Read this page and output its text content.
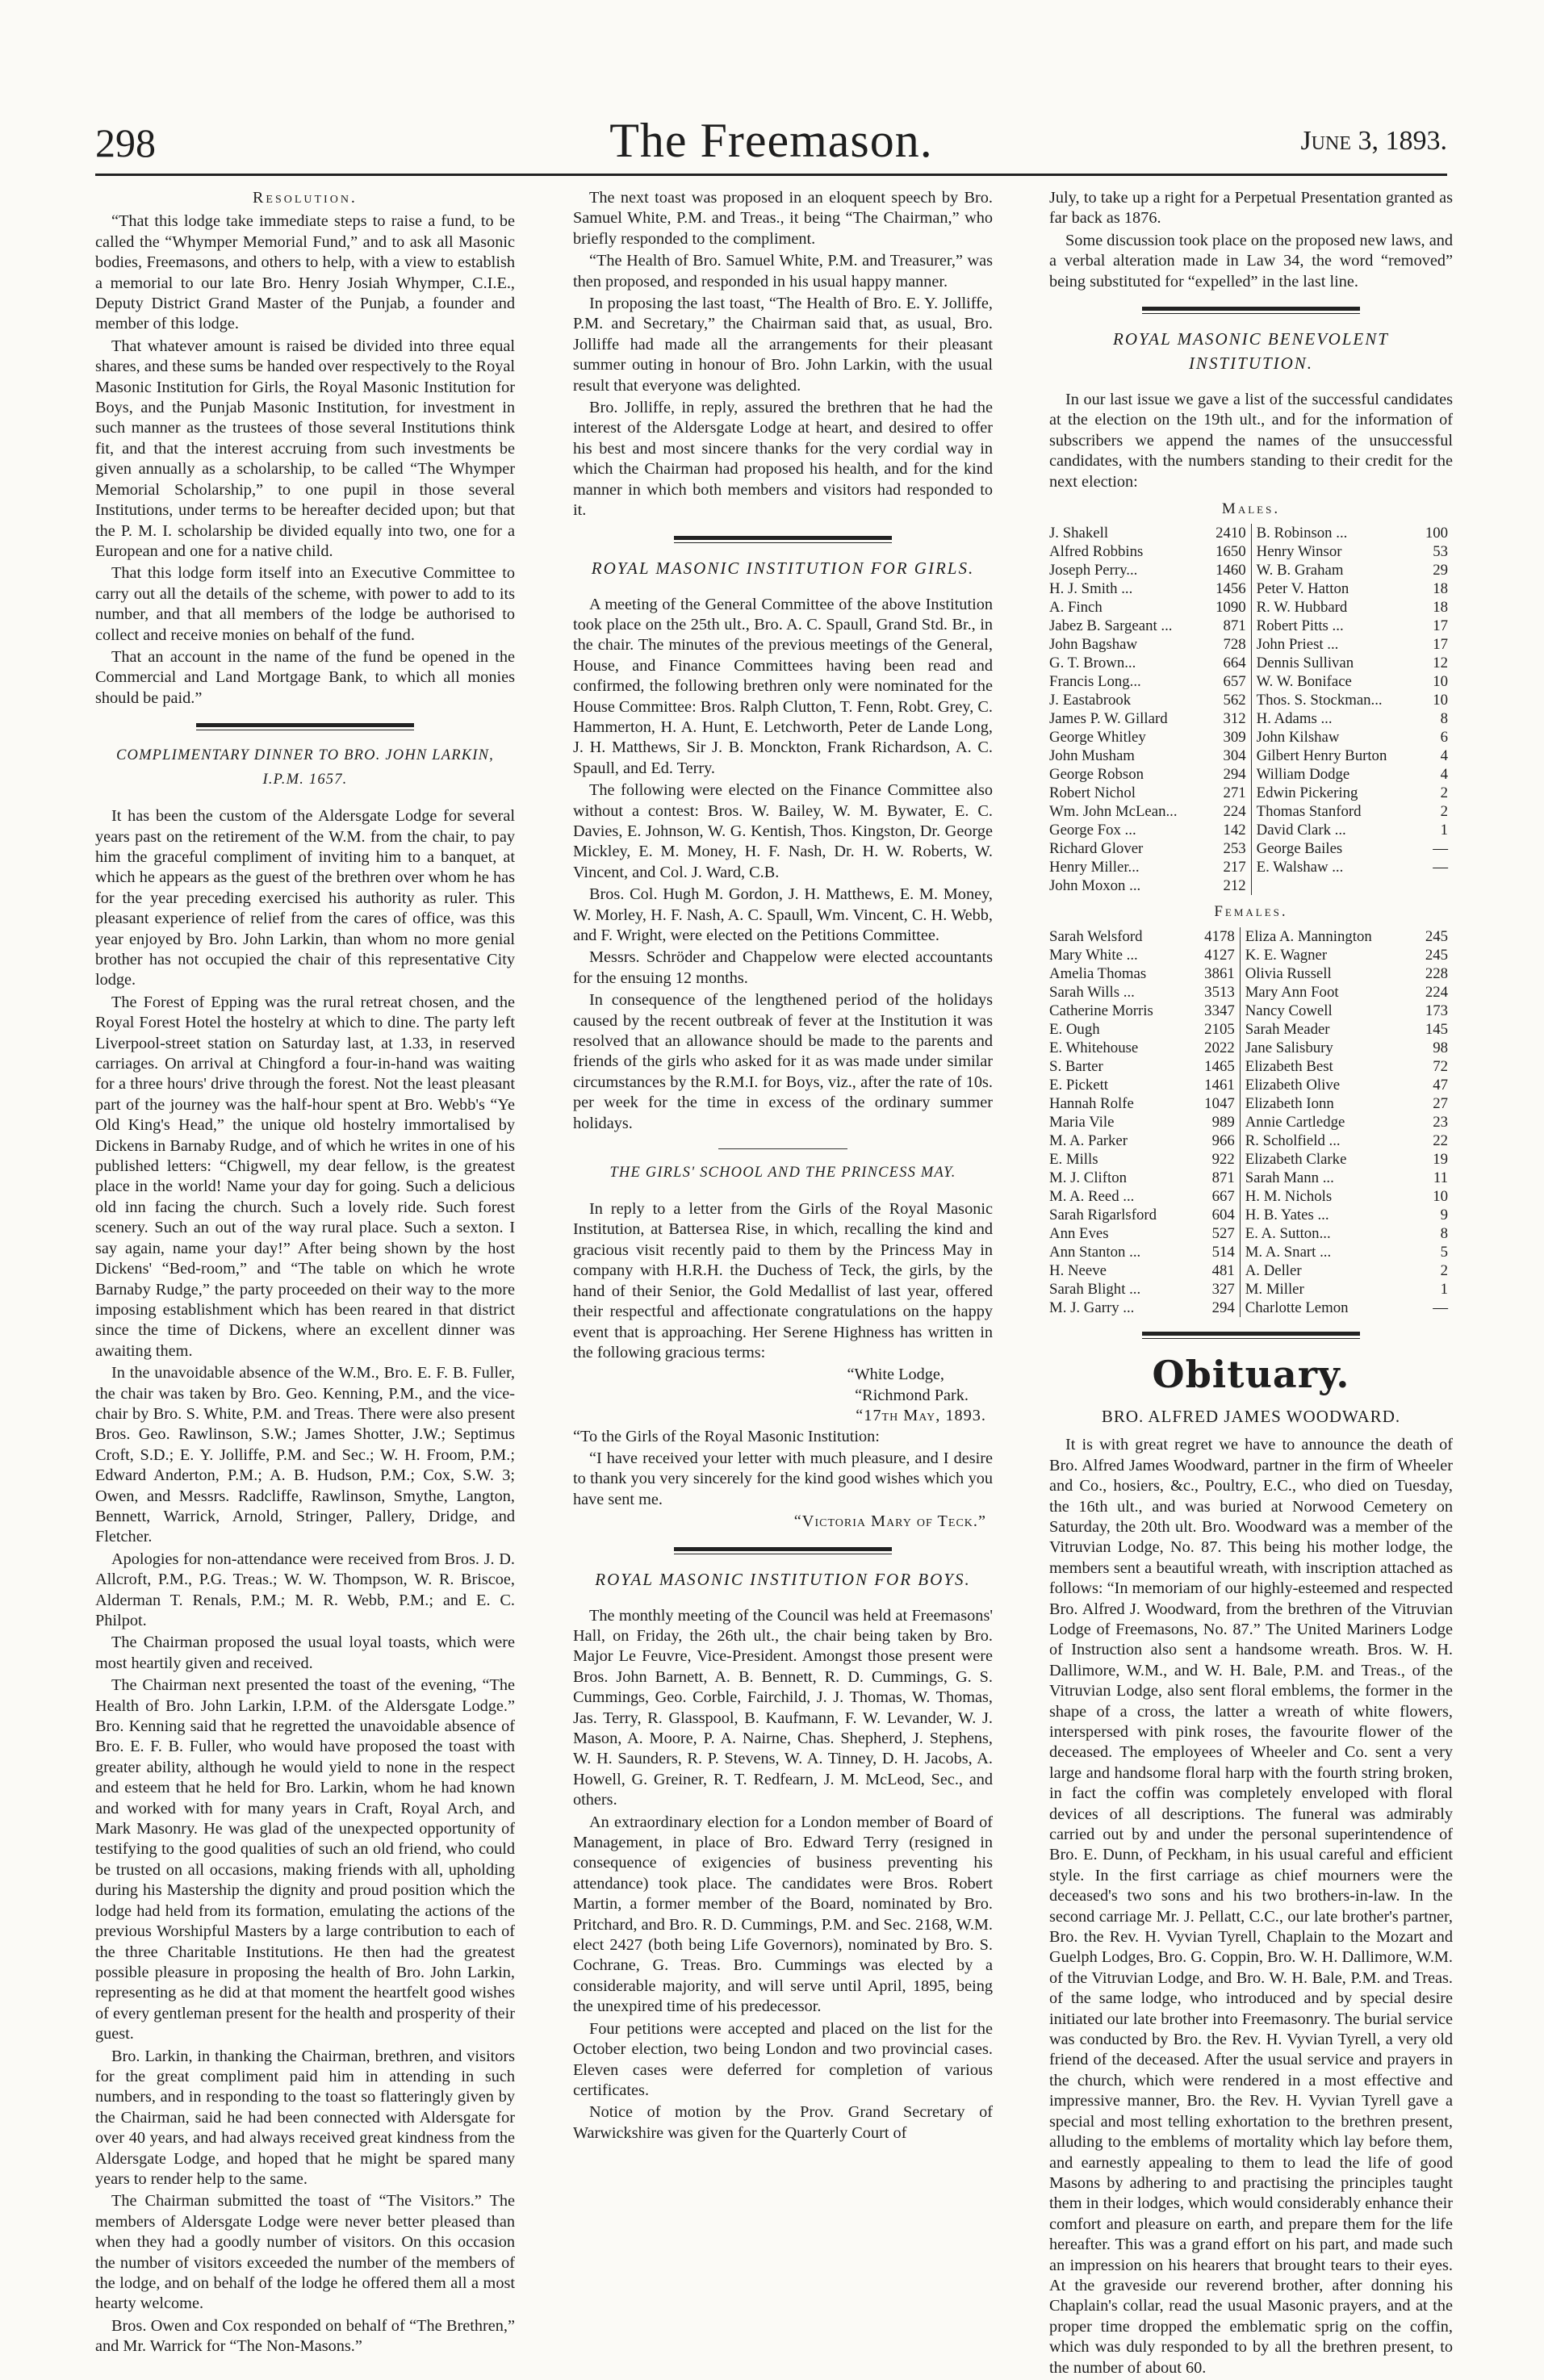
298	The Freemason.	June 3, 1893.
Resolution.

“That this lodge take immediate steps to raise a fund, to be called the “Whymper Memorial Fund,” and to ask all Masonic bodies, Freemasons, and others to help, with a view to establish a memorial to our late Bro. Henry Josiah Whymper, C.I.E., Deputy District Grand Master of the Punjab, a founder and member of this lodge.

That whatever amount is raised be divided into three equal shares, and these sums be handed over respectively to the Royal Masonic Institution for Girls, the Royal Masonic Institution for Boys, and the Punjab Masonic Institution, for investment in such manner as the trustees of those several Institutions think fit, and that the interest accruing from such investments be given annually as a scholarship, to be called “The Whymper Memorial Scholarship,” to one pupil in those several Institutions, under terms to be hereafter decided upon; but that the P. M. I. scholarship be divided equally into two, one for a European and one for a native child.

That this lodge form itself into an Executive Committee to carry out all the details of the scheme, with power to add to its number, and that all members of the lodge be authorised to collect and receive monies on behalf of the fund.

That an account in the name of the fund be opened in the Commercial and Land Mortgage Bank, to which all monies should be paid.”

COMPLIMENTARY DINNER TO BRO. JOHN LARKIN, I.P.M. 1657.

It has been the custom of the Aldersgate Lodge for several years past on the retirement of the W.M. from the chair, to pay him the graceful compliment of inviting him to a banquet, at which he appears as the guest of the brethren over whom he has for the year preceding exercised his authority as ruler. This pleasant experience of relief from the cares of office, was this year enjoyed by Bro. John Larkin, than whom no more genial brother has not occupied the chair of this representative City lodge.

The Forest of Epping was the rural retreat chosen, and the Royal Forest Hotel the hostelry at which to dine. The party left Liverpool-street station on Saturday last, at 1.33, in reserved carriages. On arrival at Chingford a four-in-hand was waiting for a three hours' drive through the forest. Not the least pleasant part of the journey was the half-hour spent at Bro. Webb's “Ye Old King's Head,” the unique old hostelry immortalised by Dickens in Barnaby Rudge, and of which he writes in one of his published letters: “Chigwell, my dear fellow, is the greatest place in the world! Name your day for going. Such a delicious old inn facing the church. Such a lovely ride. Such forest scenery. Such an out of the way rural place. Such a sexton. I say again, name your day!” After being shown by the host Dickens' “Bed-room,” and “The table on which he wrote Barnaby Rudge,” the party proceeded on their way to the more imposing establishment which has been reared in that district since the time of Dickens, where an excellent dinner was awaiting them.

In the unavoidable absence of the W.M., Bro. E. F. B. Fuller, the chair was taken by Bro. Geo. Kenning, P.M., and the vice-chair by Bro. S. White, P.M. and Treas. There were also present Bros. Geo. Rawlinson, S.W.; James Shotter, J.W.; Septimus Croft, S.D.; E. Y. Jolliffe, P.M. and Sec.; W. H. Froom, P.M.; Edward Anderton, P.M.; A. B. Hudson, P.M.; Cox, S.W. 3; Owen, and Messrs. Radcliffe, Rawlinson, Smythe, Langton, Bennett, Warrick, Arnold, Stringer, Pallery, Dridge, and Fletcher.

Apologies for non-attendance were received from Bros. J. D. Allcroft, P.M., P.G. Treas.; W. W. Thompson, W. R. Briscoe, Alderman T. Renals, P.M.; M. R. Webb, P.M.; and E. C. Philpot.

The Chairman proposed the usual loyal toasts, which were most heartily given and received.

The Chairman next presented the toast of the evening, “The Health of Bro. John Larkin, I.P.M. of the Aldersgate Lodge.” Bro. Kenning said that he regretted the unavoidable absence of Bro. E. F. B. Fuller, who would have proposed the toast with greater ability, although he would yield to none in the respect and esteem that he held for Bro. Larkin, whom he had known and worked with for many years in Craft, Royal Arch, and Mark Masonry. He was glad of the unexpected opportunity of testifying to the good qualities of such an old friend, who could be trusted on all occasions, making friends with all, upholding during his Mastership the dignity and proud position which the lodge had held from its formation, emulating the actions of the previous Worshipful Masters by a large contribution to each of the three Charitable Institutions. He then had the greatest possible pleasure in proposing the health of Bro. John Larkin, representing as he did at that moment the heartfelt good wishes of every gentleman present for the health and prosperity of their guest.

Bro. Larkin, in thanking the Chairman, brethren, and visitors for the great compliment paid him in attending in such numbers, and in responding to the toast so flatteringly given by the Chairman, said he had been connected with Aldersgate for over 40 years, and had always received great kindness from the Aldersgate Lodge, and hoped that he might be spared many years to render help to the same.

The Chairman submitted the toast of “The Visitors.” The members of Aldersgate Lodge were never better pleased than when they had a goodly number of visitors. On this occasion the number of visitors exceeded the number of the members of the lodge, and on behalf of the lodge he offered them all a most hearty welcome.

Bros. Owen and Cox responded on behalf of “The Brethren,” and Mr. Warrick for “The Non-Masons.”

The next toast was proposed in an eloquent speech by Bro. Samuel White, P.M. and Treas., it being “The Chairman,” who briefly responded to the compliment.

“The Health of Bro. Samuel White, P.M. and Treasurer,” was then proposed, and responded in his usual happy manner.

In proposing the last toast, “The Health of Bro. E. Y. Jolliffe, P.M. and Secretary,” the Chairman said that, as usual, Bro. Jolliffe had made all the arrangements for their pleasant summer outing in honour of Bro. John Larkin, with the usual result that everyone was delighted.

Bro. Jolliffe, in reply, assured the brethren that he had the interest of the Aldersgate Lodge at heart, and desired to offer his best and most sincere thanks for the very cordial way in which the Chairman had proposed his health, and for the kind manner in which both members and visitors had responded to it.

ROYAL MASONIC INSTITUTION FOR GIRLS.

A meeting of the General Committee of the above Institution took place on the 25th ult., Bro. A. C. Spaull, Grand Std. Br., in the chair. The minutes of the previous meetings of the General, House, and Finance Committees having been read and confirmed, the following brethren only were nominated for the House Committee: Bros. Ralph Clutton, T. Fenn, Robt. Grey, C. Hammerton, H. A. Hunt, E. Letchworth, Peter de Lande Long, J. H. Matthews, Sir J. B. Monckton, Frank Richardson, A. C. Spaull, and Ed. Terry.

The following were elected on the Finance Committee also without a contest: Bros. W. Bailey, W. M. Bywater, E. C. Davies, E. Johnson, W. G. Kentish, Thos. Kingston, Dr. George Mickley, E. M. Money, H. F. Nash, Dr. H. W. Roberts, W. Vincent, and Col. J. Ward, C.B.

Bros. Col. Hugh M. Gordon, J. H. Matthews, E. M. Money, W. Morley, H. F. Nash, A. C. Spaull, Wm. Vincent, C. H. Webb, and F. Wright, were elected on the Petitions Committee.

Messrs. Schröder and Chappelow were elected accountants for the ensuing 12 months.

In consequence of the lengthened period of the holidays caused by the recent outbreak of fever at the Institution it was resolved that an allowance should be made to the parents and friends of the girls who asked for it as was made under similar circumstances by the R.M.I. for Boys, viz., after the rate of 10s. per week for the time in excess of the ordinary summer holidays.

THE GIRLS' SCHOOL AND THE PRINCESS MAY.

In reply to a letter from the Girls of the Royal Masonic Institution, at Battersea Rise, in which, recalling the kind and gracious visit recently paid to them by the Princess May in company with H.R.H. the Duchess of Teck, the girls, by the hand of their Senior, the Gold Medallist of last year, offered their respectful and affectionate congratulations on the happy event that is approaching. Her Serene Highness has written in the following gracious terms:

“White Lodge,
“Richmond Park.
“17th May, 1893.

“To the Girls of the Royal Masonic Institution:

“I have received your letter with much pleasure, and I desire to thank you very sincerely for the kind good wishes which you have sent me.

“Victoria Mary of Teck.”
ROYAL MASONIC INSTITUTION FOR BOYS.

The monthly meeting of the Council was held at Freemasons' Hall, on Friday, the 26th ult., the chair being taken by Bro. Major Le Feuvre, Vice-President. Amongst those present were Bros. John Barnett, A. B. Bennett, R. D. Cummings, G. S. Cummings, Geo. Corble, Fairchild, J. J. Thomas, W. Thomas, Jas. Terry, R. Glasspool, B. Kaufmann, F. W. Levander, W. J. Mason, A. Moore, P. A. Nairne, Chas. Shepherd, J. Stephens, W. H. Saunders, R. P. Stevens, W. A. Tinney, D. H. Jacobs, A. Howell, G. Greiner, R. T. Redfearn, J. M. McLeod, Sec., and others.

An extraordinary election for a London member of Board of Management, in place of Bro. Edward Terry (resigned in consequence of exigencies of business preventing his attendance) took place. The candidates were Bros. Robert Martin, a former member of the Board, nominated by Bro. Pritchard, and Bro. R. D. Cummings, P.M. and Sec. 2168, W.M. elect 2427 (both being Life Governors), nominated by Bro. S. Cochrane, G. Treas. Bro. Cummings was elected by a considerable majority, and will serve until April, 1895, being the unexpired time of his predecessor.

Four petitions were accepted and placed on the list for the October election, two being London and two provincial cases. Eleven cases were deferred for completion of various certificates.

Notice of motion by the Prov. Grand Secretary of Warwickshire was given for the Quarterly Court of

July, to take up a right for a Perpetual Presentation granted as far back as 1876.

Some discussion took place on the proposed new laws, and a verbal alteration made in Law 34, the word “removed” being substituted for “expelled” in the last line.

ROYAL MASONIC BENEVOLENT INSTITUTION.

In our last issue we gave a list of the successful candidates at the election on the 19th ult., and for the information of subscribers we append the names of the unsuccessful candidates, with the numbers standing to their credit for the next election:

Males.
J. Shakell	2410	B. Robinson ...	100
Alfred Robbins	1650	Henry Winsor	53
Joseph Perry...	1460	W. B. Graham	29
H. J. Smith ...	1456	Peter V. Hatton	18
A. Finch	1090	R. W. Hubbard	18
Jabez B. Sargeant ...	871	Robert Pitts ...	17
John Bagshaw	728	John Priest ...	17
G. T. Brown...	664	Dennis Sullivan	12
Francis Long...	657	W. W. Boniface	10
J. Eastabrook	562	Thos. S. Stockman...	10
James P. W. Gillard	312	H. Adams ...	8
George Whitley	309	John Kilshaw	6
John Musham	304	Gilbert Henry Burton	4
George Robson	294	William Dodge	4
Robert Nichol	271	Edwin Pickering	2
Wm. John McLean...	224	Thomas Stanford	2
George Fox ...	142	David Clark ...	1
Richard Glover	253	George Bailes	—
Henry Miller...	217	E. Walshaw ...	—
John Moxon ...	212		
Females.
Sarah Welsford	4178	Eliza A. Mannington	245
Mary White ...	4127	K. E. Wagner	245
Amelia Thomas	3861	Olivia Russell	228
Sarah Wills ...	3513	Mary Ann Foot	224
Catherine Morris	3347	Nancy Cowell	173
E. Ough	2105	Sarah Meader	145
E. Whitehouse	2022	Jane Salisbury	98
S. Barter	1465	Elizabeth Best	72
E. Pickett	1461	Elizabeth Olive	47
Hannah Rolfe	1047	Elizabeth Ionn	27
Maria Vile	989	Annie Cartledge	23
M. A. Parker	966	R. Scholfield ...	22
E. Mills	922	Elizabeth Clarke	19
M. J. Clifton	871	Sarah Mann ...	11
M. A. Reed ...	667	H. M. Nichols	10
Sarah Rigarlsford	604	H. B. Yates ...	9
Ann Eves	527	E. A. Sutton...	8
Ann Stanton ...	514	M. A. Snart ...	5
H. Neeve	481	A. Deller	2
Sarah Blight ...	327	M. Miller	1
M. J. Garry ...	294	Charlotte Lemon	—
Obituary.
BRO. ALFRED JAMES WOODWARD.

It is with great regret we have to announce the death of Bro. Alfred James Woodward, partner in the firm of Wheeler and Co., hosiers, &c., Poultry, E.C., who died on Tuesday, the 16th ult., and was buried at Norwood Cemetery on Saturday, the 20th ult. Bro. Woodward was a member of the Vitruvian Lodge, No. 87. This being his mother lodge, the members sent a beautiful wreath, with inscription attached as follows: “In memoriam of our highly-esteemed and respected Bro. Alfred J. Woodward, from the brethren of the Vitruvian Lodge of Freemasons, No. 87.” The United Mariners Lodge of Instruction also sent a handsome wreath. Bros. W. H. Dallimore, W.M., and W. H. Bale, P.M. and Treas., of the Vitruvian Lodge, also sent floral emblems, the former in the shape of a cross, the latter a wreath of white flowers, interspersed with pink roses, the favourite flower of the deceased. The employees of Wheeler and Co. sent a very large and handsome floral harp with the fourth string broken, in fact the coffin was completely enveloped with floral devices of all descriptions. The funeral was admirably carried out by and under the personal superintendence of Bro. E. Dunn, of Peckham, in his usual careful and efficient style. In the first carriage as chief mourners were the deceased's two sons and his two brothers-in-law. In the second carriage Mr. J. Pellatt, C.C., our late brother's partner, Bro. the Rev. H. Vyvian Tyrell, Chaplain to the Mozart and Guelph Lodges, Bro. G. Coppin, Bro. W. H. Dallimore, W.M. of the Vitruvian Lodge, and Bro. W. H. Bale, P.M. and Treas. of the same lodge, who introduced and by special desire initiated our late brother into Freemasonry. The burial service was conducted by Bro. the Rev. H. Vyvian Tyrell, a very old friend of the deceased. After the usual service and prayers in the church, which were rendered in a most effective and impressive manner, Bro. the Rev. H. Vyvian Tyrell gave a special and most telling exhortation to the brethren present, alluding to the emblems of mortality which lay before them, and earnestly appealing to them to lead the life of good Masons by adhering to and practising the principles taught them in their lodges, which would considerably enhance their comfort and pleasure on earth, and prepare them for the life hereafter. This was a grand effort on his part, and made such an impression on his hearers that brought tears to their eyes. At the graveside our reverend brother, after donning his Chaplain's collar, read the usual Masonic prayers, and at the proper time dropped the emblematic sprig on the coffin, which was duly responded to by all the brethren present, to the number of about 60.
